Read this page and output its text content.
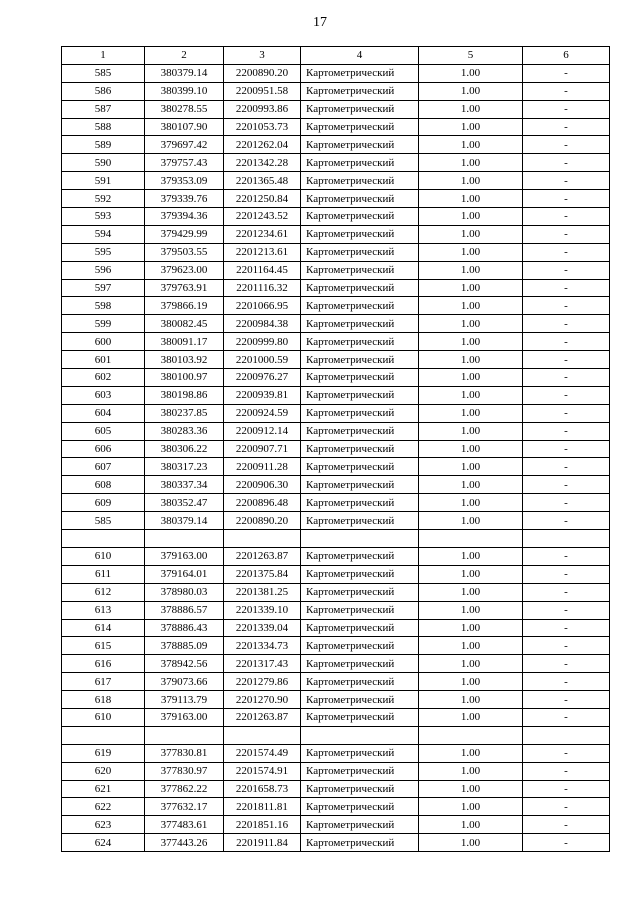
17
1	2	3	4	5	6
585	380379.14	2200890.20	Картометрический	1.00	-
586	380399.10	2200951.58	Картометрический	1.00	-
587	380278.55	2200993.86	Картометрический	1.00	-
588	380107.90	2201053.73	Картометрический	1.00	-
589	379697.42	2201262.04	Картометрический	1.00	-
590	379757.43	2201342.28	Картометрический	1.00	-
591	379353.09	2201365.48	Картометрический	1.00	-
592	379339.76	2201250.84	Картометрический	1.00	-
593	379394.36	2201243.52	Картометрический	1.00	-
594	379429.99	2201234.61	Картометрический	1.00	-
595	379503.55	2201213.61	Картометрический	1.00	-
596	379623.00	2201164.45	Картометрический	1.00	-
597	379763.91	2201116.32	Картометрический	1.00	-
598	379866.19	2201066.95	Картометрический	1.00	-
599	380082.45	2200984.38	Картометрический	1.00	-
600	380091.17	2200999.80	Картометрический	1.00	-
601	380103.92	2201000.59	Картометрический	1.00	-
602	380100.97	2200976.27	Картометрический	1.00	-
603	380198.86	2200939.81	Картометрический	1.00	-
604	380237.85	2200924.59	Картометрический	1.00	-
605	380283.36	2200912.14	Картометрический	1.00	-
606	380306.22	2200907.71	Картометрический	1.00	-
607	380317.23	2200911.28	Картометрический	1.00	-
608	380337.34	2200906.30	Картометрический	1.00	-
609	380352.47	2200896.48	Картометрический	1.00	-
585	380379.14	2200890.20	Картометрический	1.00	-

610	379163.00	2201263.87	Картометрический	1.00	-
611	379164.01	2201375.84	Картометрический	1.00	-
612	378980.03	2201381.25	Картометрический	1.00	-
613	378886.57	2201339.10	Картометрический	1.00	-
614	378886.43	2201339.04	Картометрический	1.00	-
615	378885.09	2201334.73	Картометрический	1.00	-
616	378942.56	2201317.43	Картометрический	1.00	-
617	379073.66	2201279.86	Картометрический	1.00	-
618	379113.79	2201270.90	Картометрический	1.00	-
610	379163.00	2201263.87	Картометрический	1.00	-

619	377830.81	2201574.49	Картометрический	1.00	-
620	377830.97	2201574.91	Картометрический	1.00	-
621	377862.22	2201658.73	Картометрический	1.00	-
622	377632.17	2201811.81	Картометрический	1.00	-
623	377483.61	2201851.16	Картометрический	1.00	-
624	377443.26	2201911.84	Картометрический	1.00	-
